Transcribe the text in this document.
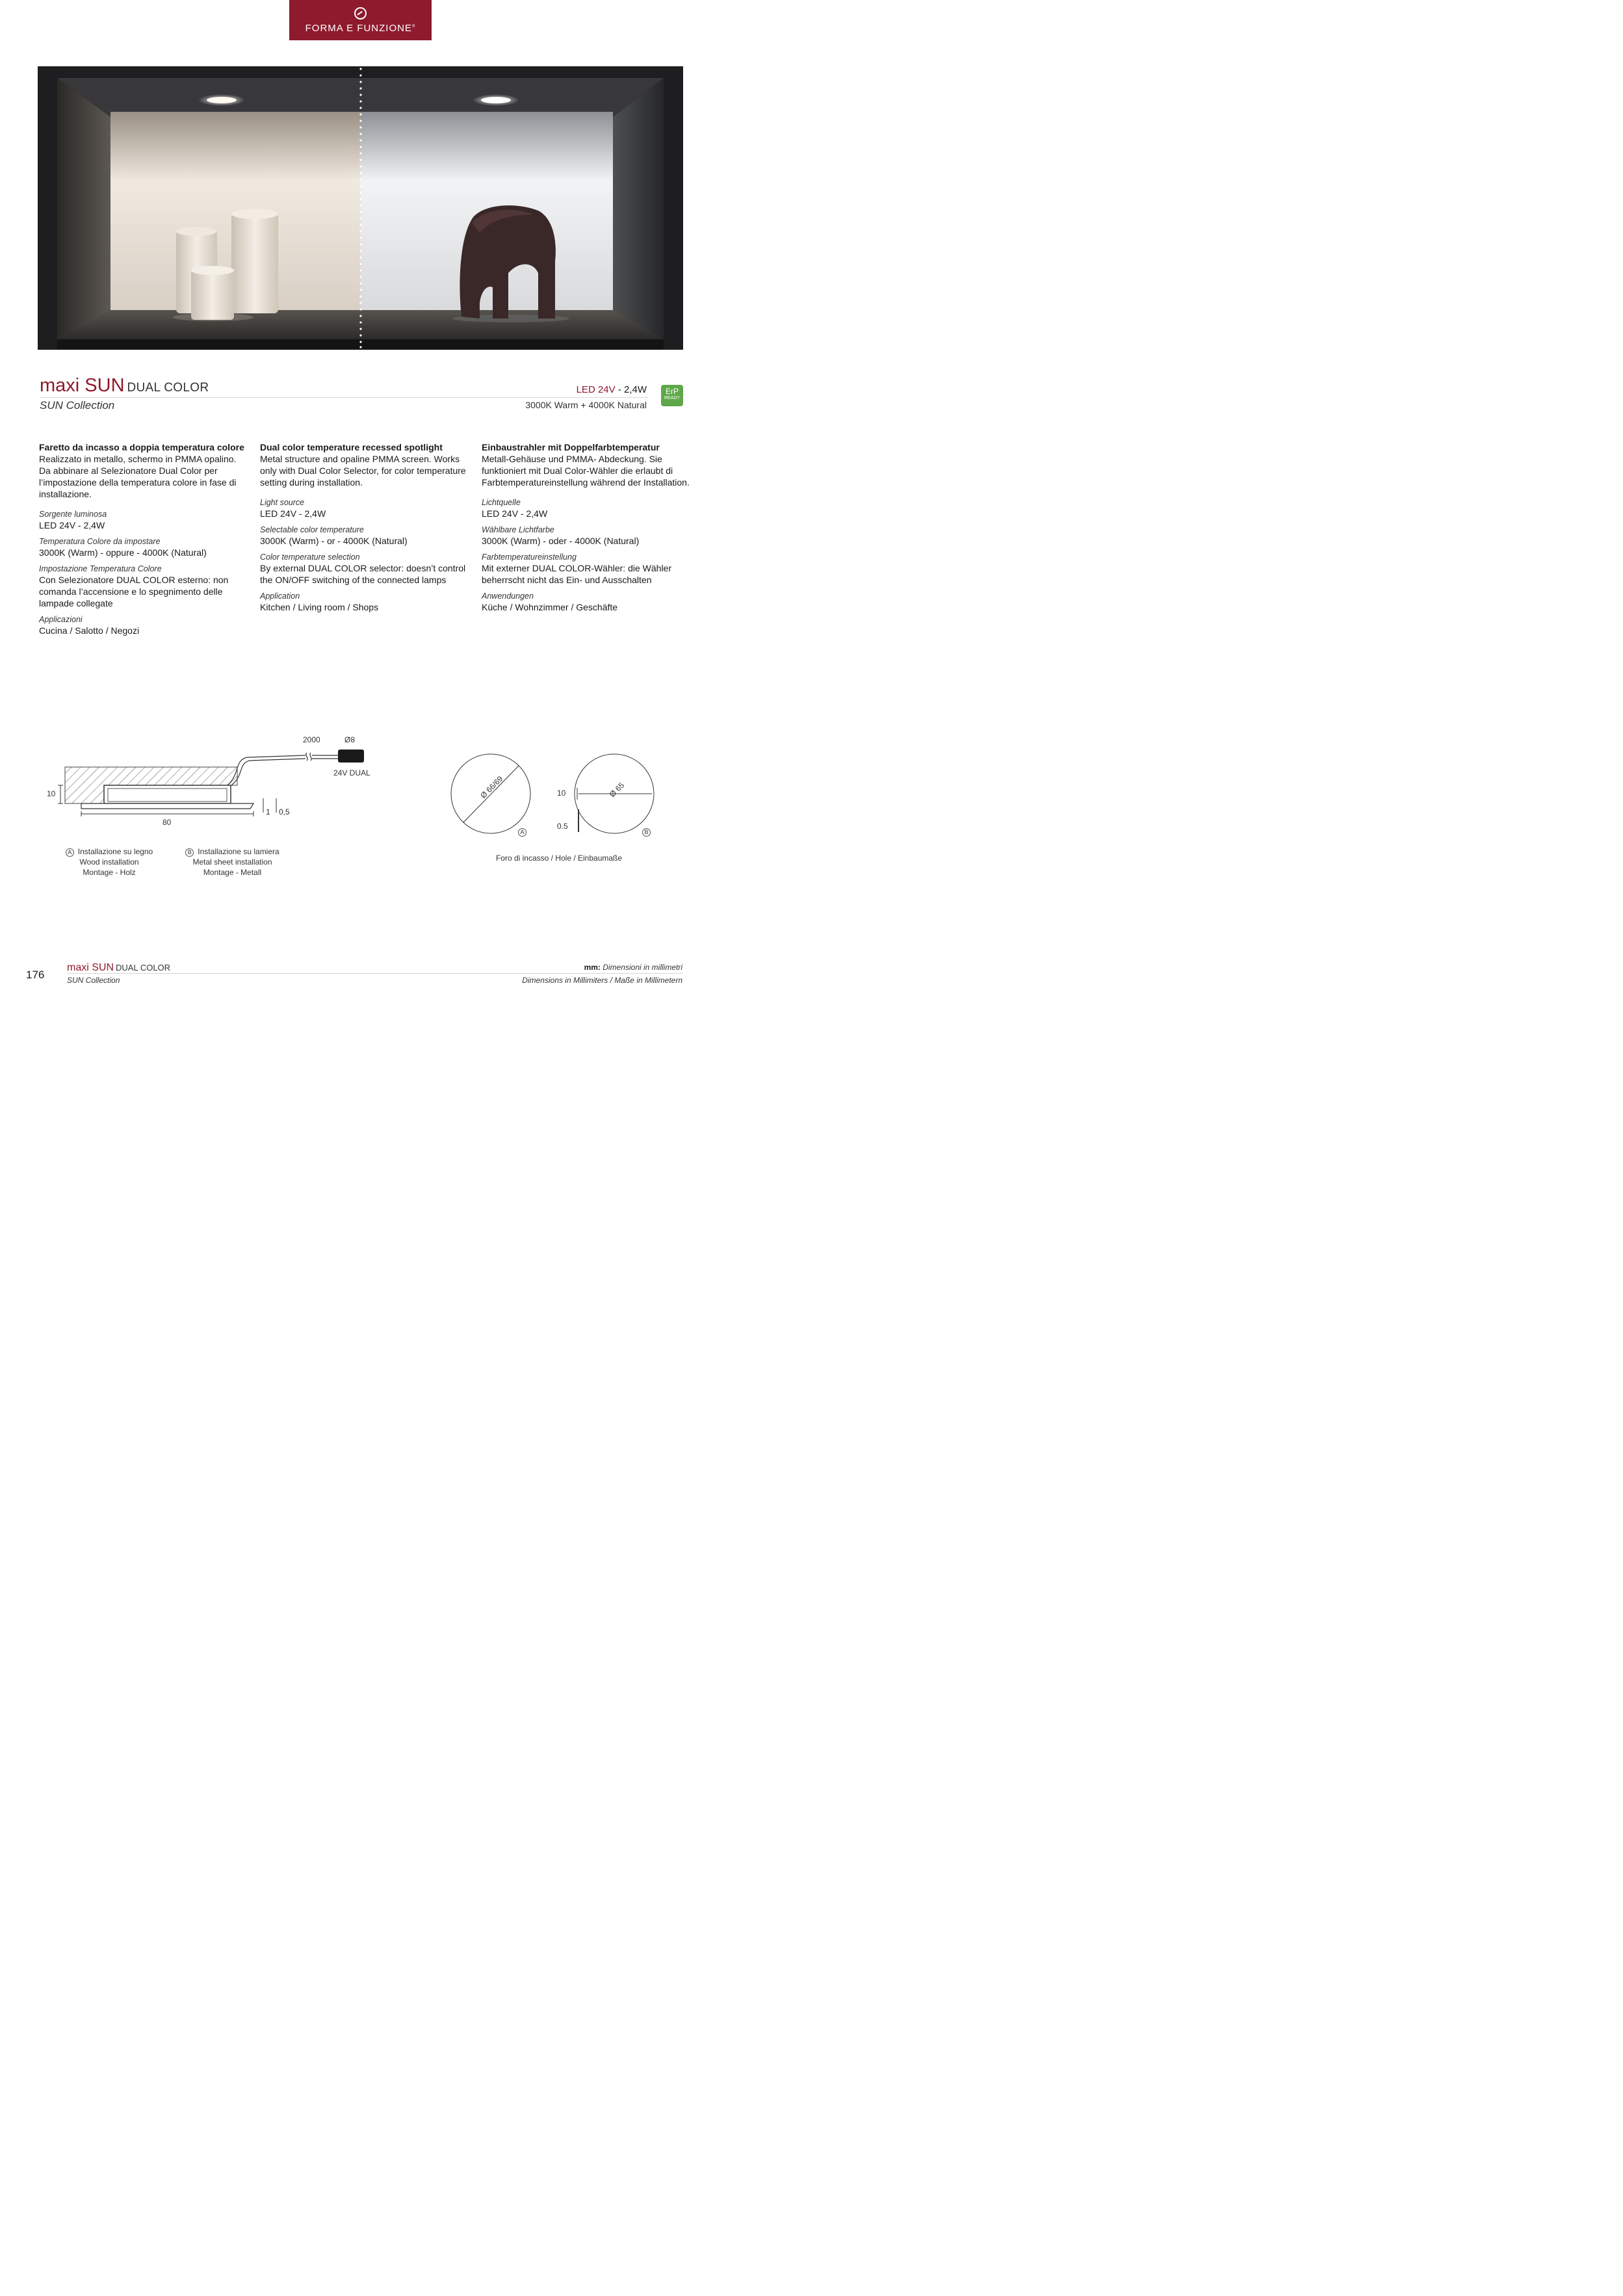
FORMA E FUNZIONE®
maxi SUN DUAL COLOR
SUN Collection
LED 24V - 2,4W
3000K Warm + 4000K Natural
ErP
READY
Faretto da incasso a doppia temperatura colore
Realizzato in metallo, schermo in PMMA opalino. Da abbinare al Selezionatore Dual Color per l’impostazione della temperatura colore in fase di installazione.
Sorgente luminosa
LED 24V - 2,4W
Temperatura Colore da impostare
3000K (Warm) - oppure - 4000K (Natural)
Impostazione Temperatura Colore
Con Selezionatore DUAL COLOR esterno: non comanda l’accensione e lo spegnimento delle lampade collegate
Applicazioni
Cucina / Salotto / Negozi
Dual color temperature recessed spotlight
Metal structure and opaline PMMA screen. Works only with Dual Color Selector, for color temperature setting during installation.
Light source
LED 24V - 2,4W
Selectable color temperature
3000K (Warm) - or - 4000K (Natural)
Color temperature selection
By external DUAL COLOR selector: doesn’t control the ON/OFF switching of the connected lamps
Application
Kitchen / Living room / Shops
Einbaustrahler mit Doppelfarbtemperatur
Metall-Gehäuse und PMMA- Abdeckung. Sie funktioniert mit Dual Color-Wähler die erlaubt di Farbtemperatureinstellung während der Installation.
Lichtquelle
LED 24V - 2,4W
Wählbare Lichtfarbe
3000K (Warm) - oder - 4000K (Natural)
Farbtemperatureinstellung
Mit externer DUAL COLOR-Wähler: die Wähler beherrscht nicht das Ein- und Ausschalten
Anwendungen
Küche / Wohnzimmer / Geschäfte
2000	Ø8
24V DUAL
10
80
1 0,5
Ø 66/69
A
Ø 65
10
0.5
B
A Installazione su legno
Wood installation
Montage - Holz
B Installazione su lamiera
Metal sheet installation
Montage - Metall
Foro di incasso / Hole / Einbaumaße
176
maxi SUN DUAL COLOR
SUN Collection
mm: Dimensioni in millimetri
Dimensions in Millimiters / Maße in Millimetern
